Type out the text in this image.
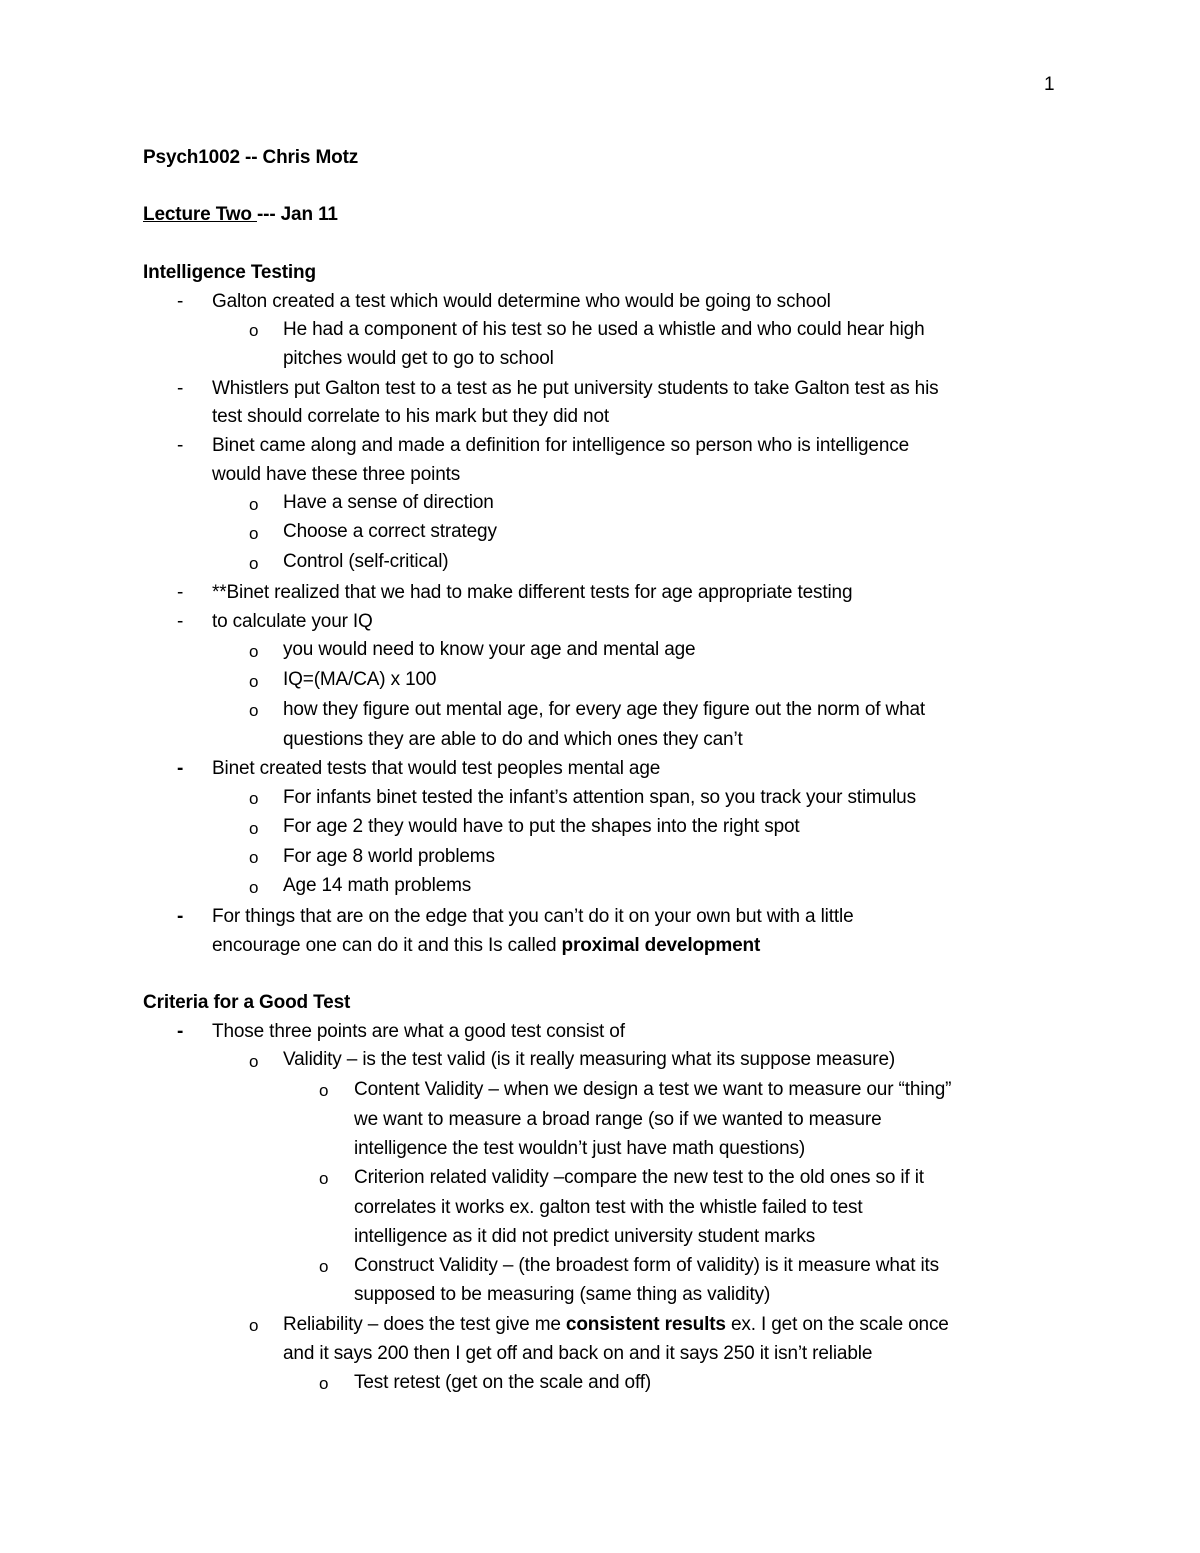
1
Psych1002 -- Chris Motz
Lecture Two --- Jan 11
Intelligence Testing
- Galton created a test which would determine who would be going to school
o He had a component of his test so he used a whistle and who could hear high
pitches would get to go to school
- Whistlers put Galton test to a test as he put university students to take Galton test as his
test should correlate to his mark but they did not
- Binet came along and made a definition for intelligence so person who is intelligence
would have these three points
o Have a sense of direction
o Choose a correct strategy
o Control (self-critical)
- **Binet realized that we had to make different tests for age appropriate testing
- to calculate your IQ
o you would need to know your age and mental age
o IQ=(MA/CA) x 100
o how they figure out mental age, for every age they figure out the norm of what
questions they are able to do and which ones they can’t
- Binet created tests that would test peoples mental age
o For infants binet tested the infant’s attention span, so you track your stimulus
o For age 2 they would have to put the shapes into the right spot
o For age 8 world problems
o Age 14 math problems
- For things that are on the edge that you can’t do it on your own but with a little
encourage one can do it and this Is called proximal development
Criteria for a Good Test
- Those three points are what a good test consist of
o Validity – is the test valid (is it really measuring what its suppose measure)
o Content Validity – when we design a test we want to measure our “thing”
we want to measure a broad range (so if we wanted to measure
intelligence the test wouldn’t just have math questions)
o Criterion related validity –compare the new test to the old ones so if it
correlates it works ex. galton test with the whistle failed to test
intelligence as it did not predict university student marks
o Construct Validity – (the broadest form of validity) is it measure what its
supposed to be measuring (same thing as validity)
o Reliability – does the test give me consistent results ex. I get on the scale once
and it says 200 then I get off and back on and it says 250 it isn’t reliable
o Test retest (get on the scale and off)
